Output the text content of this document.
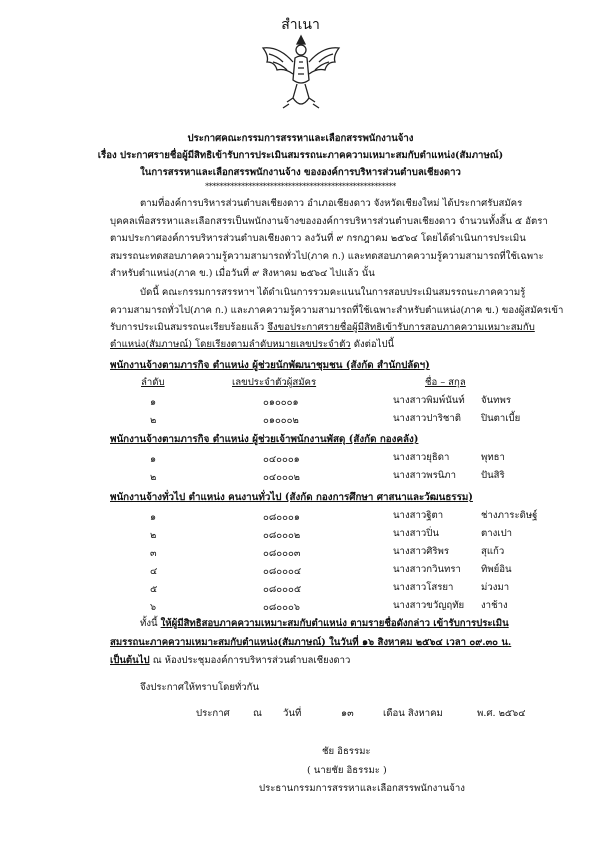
สำเนา
ประกาศคณะกรรมการสรรหาและเลือกสรรพนักงานจ้าง
เรื่อง ประกาศรายชื่อผู้มีสิทธิเข้ารับการประเมินสมรรถนะภาคความเหมาะสมกับตำแหน่ง(สัมภาษณ์)
ในการสรรหาและเลือกสรรพนักงานจ้าง ขององค์การบริหารส่วนตำบลเชียงดาว
*****************************************************
ตามที่องค์การบริหารส่วนตำบลเชียงดาว อำเภอเชียงดาว จังหวัดเชียงใหม่ ได้ประกาศรับสมัคร
บุคคลเพื่อสรรหาและเลือกสรรเป็นพนักงานจ้างขององค์การบริหารส่วนตำบลเชียงดาว จำนวนทั้งสิ้น ๕ อัตรา
ตามประกาศองค์การบริหารส่วนตำบลเชียงดาว ลงวันที่ ๙ กรกฎาคม ๒๕๖๔ โดยได้ดำเนินการประเมิน
สมรรถนะทดสอบภาคความรู้ความสามารถทั่วไป(ภาค ก.) และทดสอบภาคความรู้ความสามารถที่ใช้เฉพาะ
สำหรับตำแหน่ง(ภาค ข.) เมื่อวันที่ ๙ สิงหาคม ๒๕๖๔ ไปแล้ว นั้น
บัดนี้ คณะกรรมการสรรหาฯ ได้ดำเนินการรวมคะแนนในการสอบประเมินสมรรถนะภาคความรู้
ความสามารถทั่วไป(ภาค ก.) และภาคความรู้ความสามารถที่ใช้เฉพาะสำหรับตำแหน่ง(ภาค ข.) ของผู้สมัครเข้า
รับการประเมินสมรรถนะเรียบร้อยแล้ว จึงขอประกาศรายชื่อผู้มีสิทธิเข้ารับการสอบภาคความเหมาะสมกับ
ตำแหน่ง(สัมภาษณ์) โดยเรียงตามลำดับหมายเลขประจำตัว ดังต่อไปนี้
พนักงานจ้างตามภารกิจ ตำแหน่ง ผู้ช่วยนักพัฒนาชุมชน (สังกัด สำนักปลัดฯ)
ลำดับ	เลขประจำตัวผู้สมัคร	ชื่อ – สกุล
๑	๐๑๐๐๐๑	นางสาวพิมพ์นันท์ จันทพร
๒	๐๑๐๐๐๒	นางสาวปาริชาติ ปินตาเบี้ย
พนักงานจ้างตามภารกิจ ตำแหน่ง ผู้ช่วยเจ้าพนักงานพัสดุ (สังกัด กองคลัง)
๑	๐๔๐๐๐๑	นางสาวยุธิดา	พุทธา
๒	๐๔๐๐๐๒	นางสาวพรนิภา	ปันสิริ
พนักงานจ้างทั่วไป ตำแหน่ง คนงานทั่วไป (สังกัด กองการศึกษา ศาสนาและวัฒนธรรม)
๑	๐๘๐๐๐๑	นางสาวฐิตา	ช่างภาระดิษฐ์
๒	๐๘๐๐๐๒	นางสาวปิ่น	ตางเปา
๓	๐๘๐๐๐๓	นางสาวศิริพร	สุแก้ว
๔	๐๘๐๐๐๔	นางสาวกวินทรา ทิพย์อิน
๕	๐๘๐๐๐๕	นางสาวโสรยา	ม่วงมา
๖	๐๘๐๐๐๖	นางสาวขวัญฤทัย งาช้าง
ทั้งนี้ ให้ผู้มีสิทธิสอบภาคความเหมาะสมกับตำแหน่ง ตามรายชื่อดังกล่าว เข้ารับการประเมิน
สมรรถนะภาคความเหมาะสมกับตำแหน่ง(สัมภาษณ์) ในวันที่ ๑๖ สิงหาคม ๒๕๖๔ เวลา ๐๙.๓๐ น.
เป็นต้นไป ณ ห้องประชุมองค์การบริหารส่วนตำบลเชียงดาว
จึงประกาศให้ทราบโดยทั่วกัน
ประกาศ ณ วันที่	๑๓	เดือน สิงหาคม	พ.ศ. ๒๕๖๔
ชัย อิธรรมะ
( นายชัย อิธรรมะ )
ประธานกรรมการสรรหาและเลือกสรรพนักงานจ้าง
